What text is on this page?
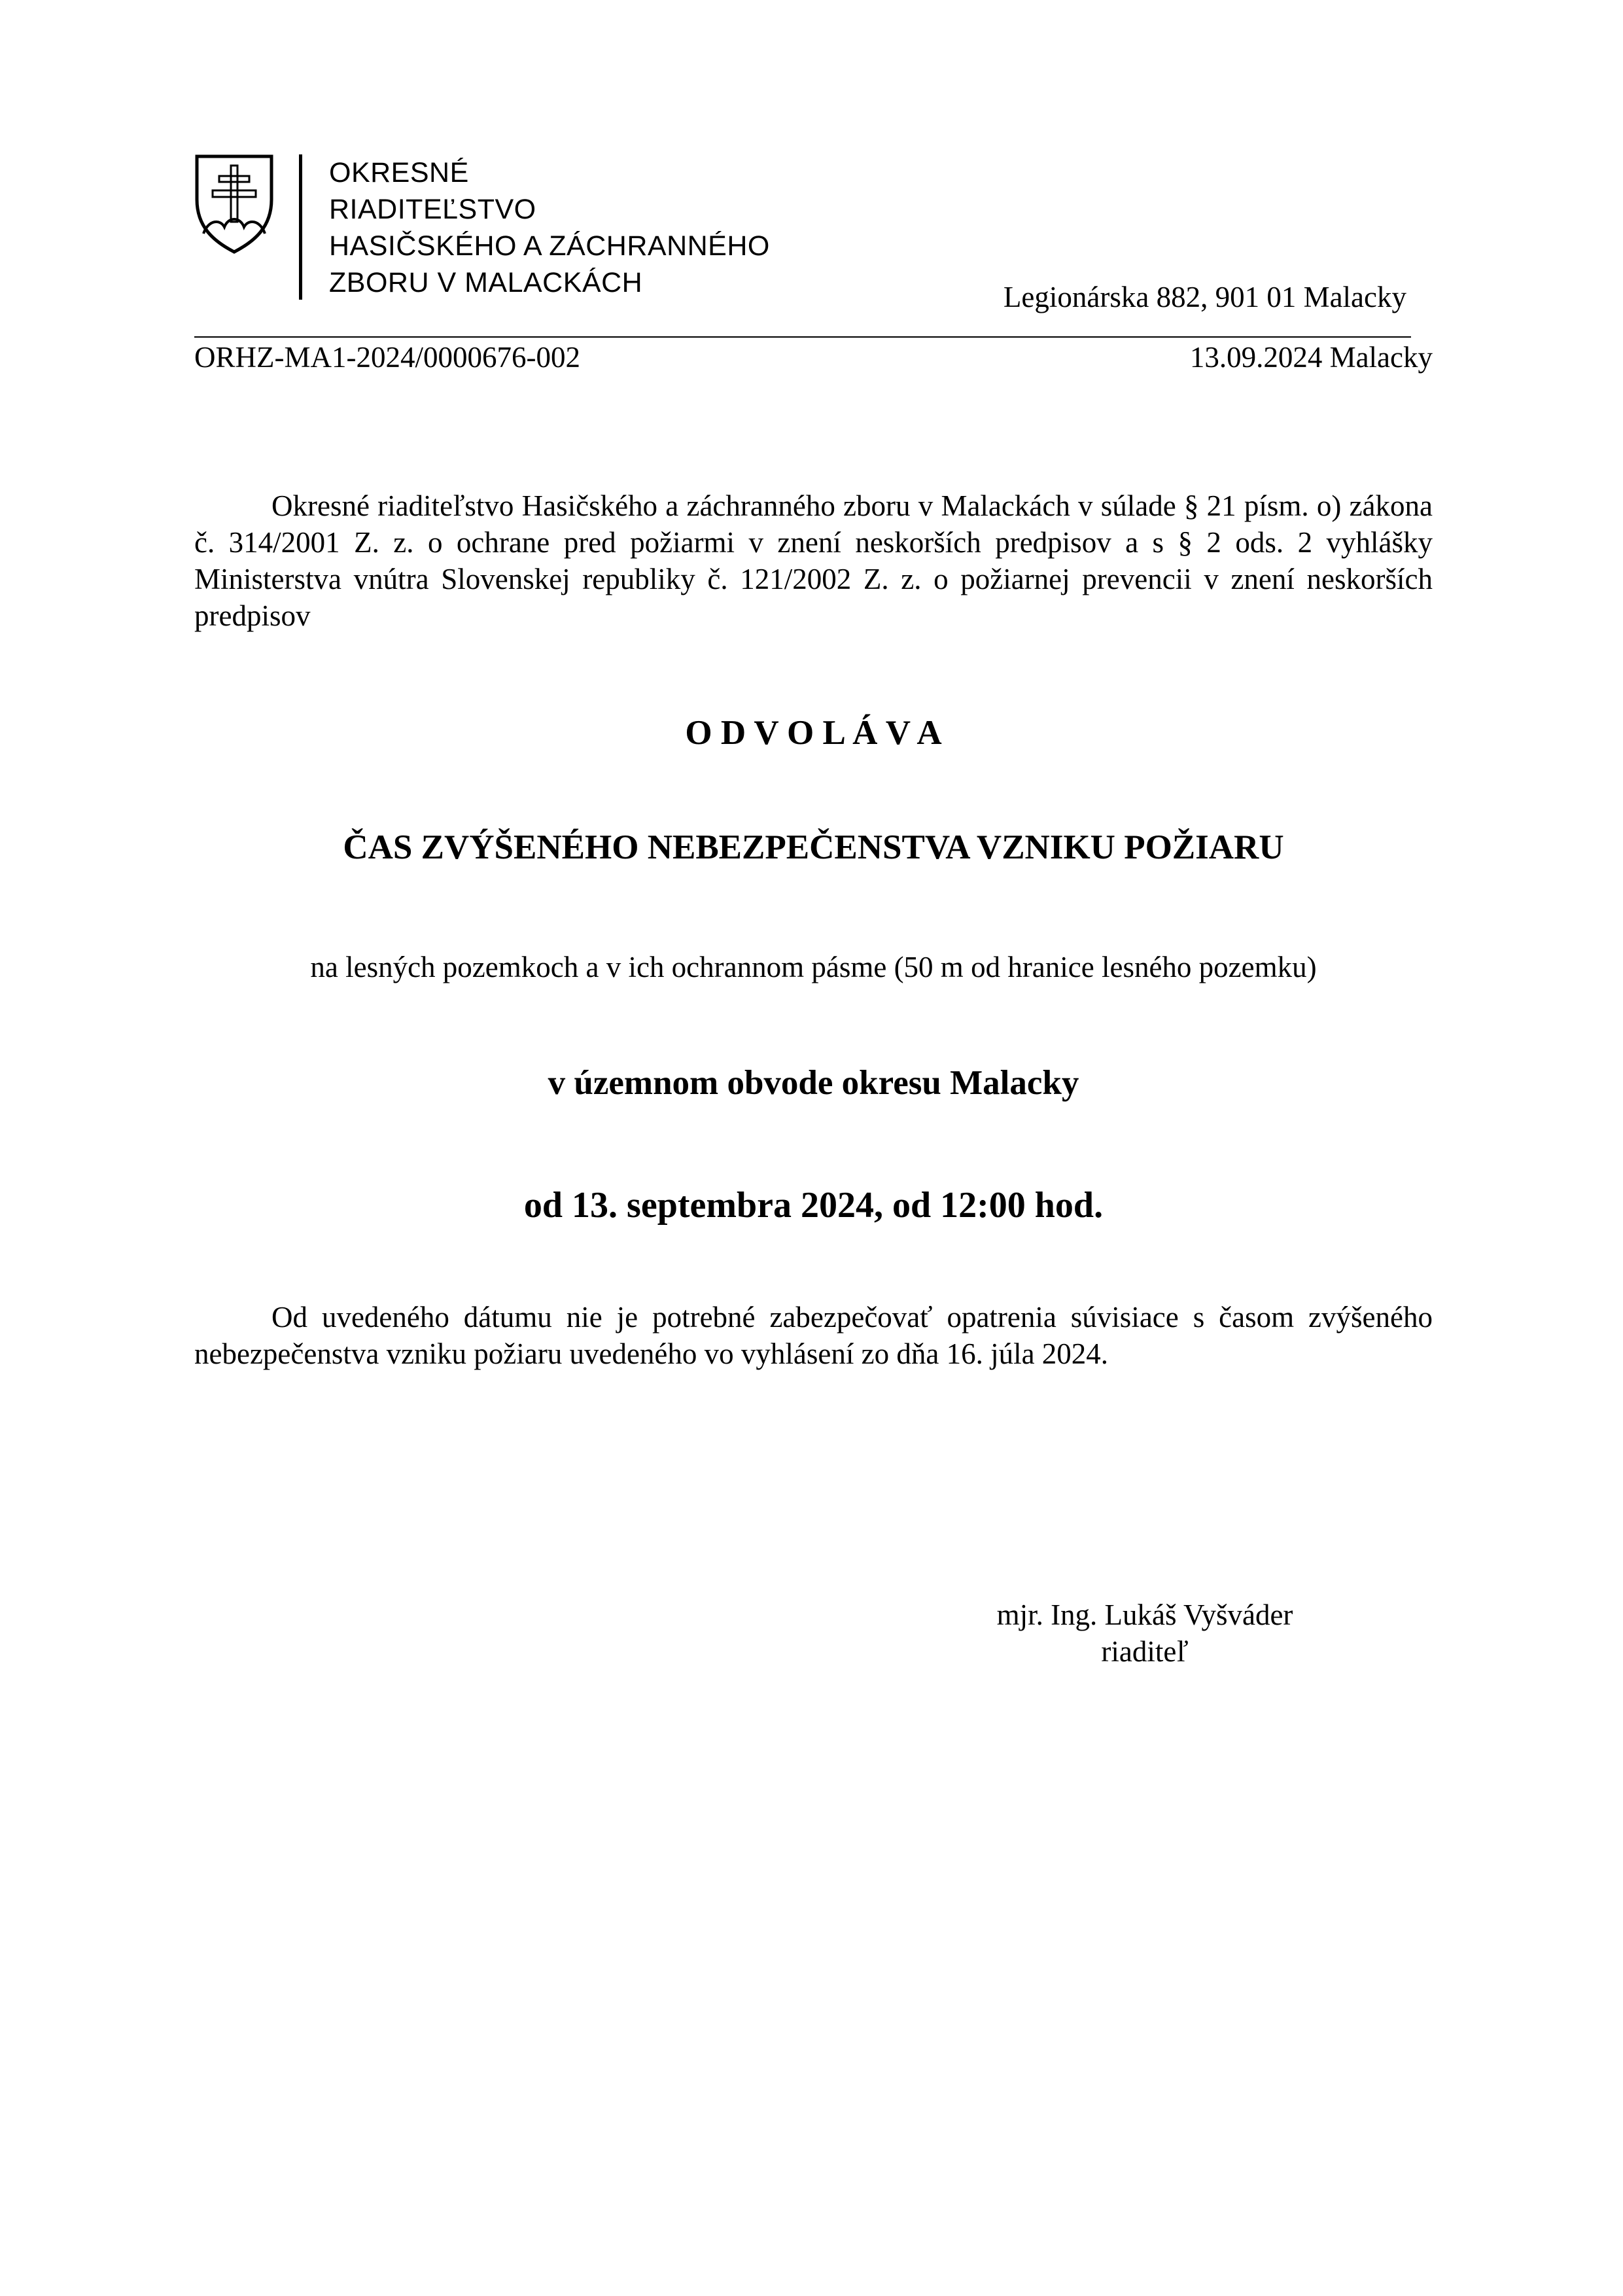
OKRESNÉ
RIADITEĽSTVO
HASIČSKÉHO A ZÁCHRANNÉHO
ZBORU V MALACKÁCH	Legionárska 882, 901 01 Malacky
ORHZ-MA1-2024/0000676-002	13.09.2024 Malacky

Okresné riaditeľstvo Hasičského a záchranného zboru v Malackách v súlade § 21 písm. o) zákona č. 314/2001 Z. z. o ochrane pred požiarmi v znení neskorších predpisov a s § 2 ods. 2 vyhlášky Ministerstva vnútra Slovenskej republiky č. 121/2002 Z. z. o požiarnej prevencii v znení neskorších predpisov

O D V O L Á V A
ČAS ZVÝŠENÉHO NEBEZPEČENSTVA VZNIKU POŽIARU
na lesných pozemkoch a v ich ochrannom pásme (50 m od hranice lesného pozemku)
v územnom obvode okresu Malacky
od 13. septembra 2024, od 12:00 hod.

Od uvedeného dátumu nie je potrebné zabezpečovať opatrenia súvisiace s časom zvýšeného nebezpečenstva vzniku požiaru uvedeného vo vyhlásení zo dňa 16. júla 2024.

mjr. Ing. Lukáš Vyšváder
riaditeľ
